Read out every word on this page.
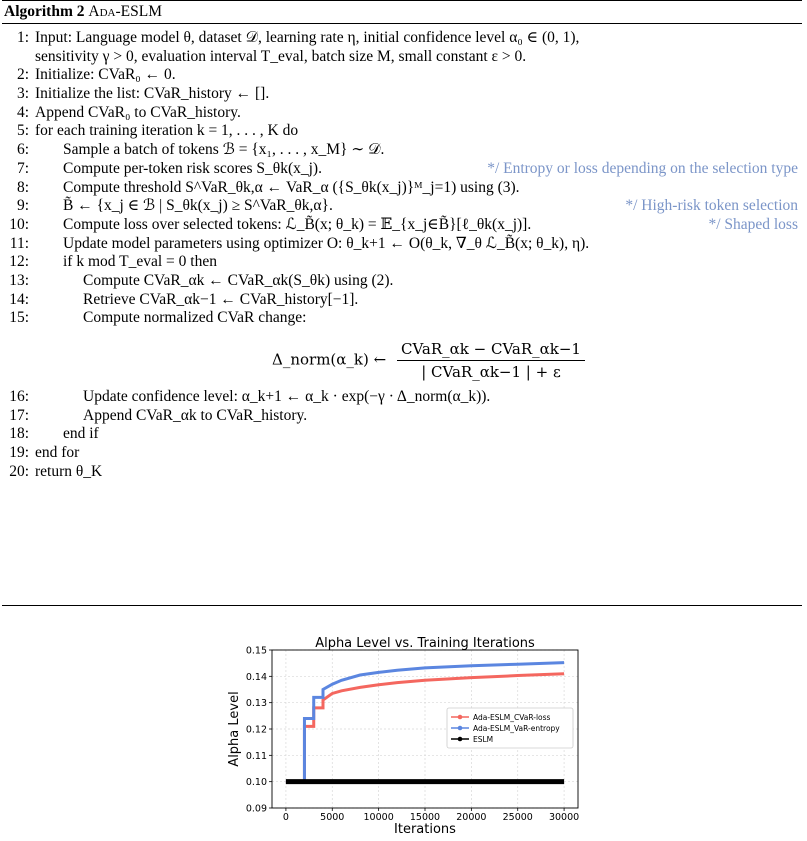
Algorithm 2 Ada-ESLM
1: Input: Language model θ, dataset 𝒟, learning rate η, initial confidence level α₀ ∈ (0, 1),
sensitivity γ > 0, evaluation interval T_eval, batch size M, small constant ε > 0.
2: Initialize: CVaR₀ ← 0.
3: Initialize the list: CVaR_history ← [].
4: Append CVaR₀ to CVaR_history.
5: for each training iteration k = 1, . . . , K do
6: Sample a batch of tokens ℬ = {x₁, . . . , x_M} ∼ 𝒟.
7: Compute per-token risk scores S_θk(x_j).	*/ Entropy or loss depending on the selection type
8: Compute threshold S^VaR_θk,α ← VaR_α ({S_θk(x_j)}ᴹ_j=1) using (3).
9: B̃ ← {x_j ∈ ℬ | S_θk(x_j) ≥ S^VaR_θk,α}.	*/ High-risk token selection
10: Compute loss over selected tokens: ℒ_B̃(x; θ_k) = 𝔼_{x_j∈B̃}[ℓ_θk(x_j)].	*/ Shaped loss
11: Update model parameters using optimizer O: θ_k+1 ← O(θ_k, ∇_θ ℒ_B̃(x; θ_k), η).
12: if k mod T_eval = 0 then
13:	Compute CVaR_αk ← CVaR_αk(S_θk) using (2).
14:	Retrieve CVaR_αk−1 ← CVaR_history[−1].
15:	Compute normalized CVaR change:
Δ_norm(α_k) ← $\frac{\text{CVaR\_αk − CVaR\_αk−1}}{\text{| CVaR\_αk−1 | + ε}}$
16:	Update confidence level: α_k+1 ← α_k · exp(−γ · Δ_norm(α_k)).
17:	Append CVaR_αk to CVaR_history.
18: end if
19: end for
20: return θ_K
0	5000 10000 15000 20000 25000 30000
0.09
0.10
0.11
0.12
0.13
0.14
0.15	Alpha Level vs. Training Iterations
Iterations
Alpha Level	Ada-ESLM_CVaR-loss
Ada-ESLM_VaR-entropy
ESLM
